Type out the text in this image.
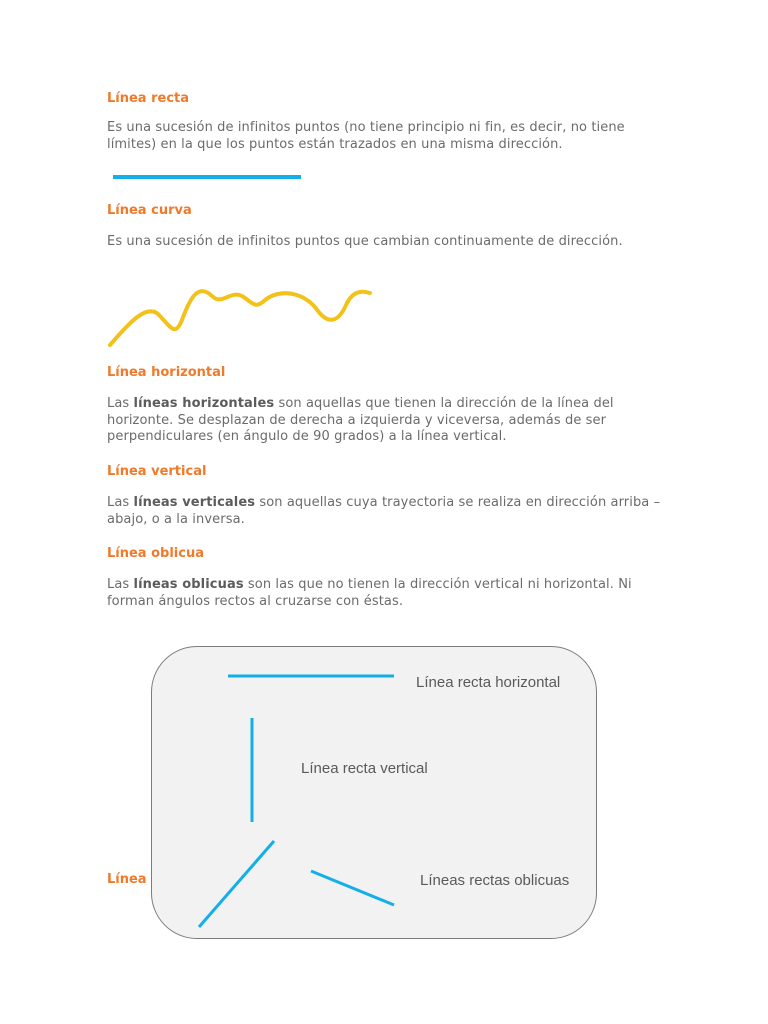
Línea recta

Es una sucesión de infinitos puntos (no tiene principio ni fin, es decir, no tiene límites) en la que los puntos están trazados en una misma dirección.

Línea curva

Es una sucesión de infinitos puntos que cambian continuamente de dirección.

Línea horizontal

Las líneas horizontales son aquellas que tienen la dirección de la línea del horizonte. Se desplazan de derecha a izquierda y viceversa, además de ser perpendiculares (en ángulo de 90 grados) a la línea vertical.

Línea vertical

Las líneas verticales son aquellas cuya trayectoria se realiza en dirección arriba – abajo, o a la inversa.

Línea oblicua

Las líneas oblicuas son las que no tienen la dirección vertical ni horizontal. Ni forman ángulos rectos al cruzarse con éstas.

Línea
Línea recta horizontal
Línea recta vertical
Líneas rectas oblicuas
